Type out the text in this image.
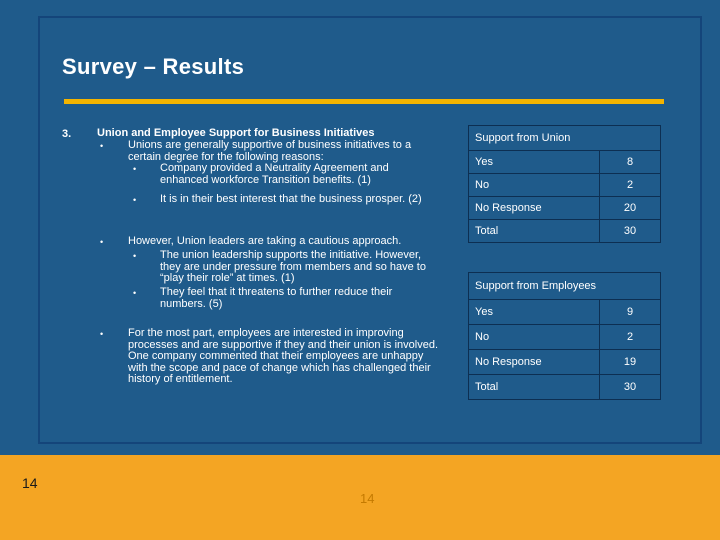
Survey – Results
3. Union and Employee Support for Business Initiatives
• Unions are generally supportive of business initiatives to a certain degree for the following reasons:
• Company provided a Neutrality Agreement and enhanced workforce Transition benefits. (1)
• It is in their best interest that the business prosper. (2)
• However, Union leaders are taking a cautious approach.
• The union leadership supports the initiative. However, they are under pressure from members and so have to “play their role” at times. (1)
• They feel that it threatens to further reduce their numbers. (5)
• For the most part, employees are interested in improving processes and are supportive if they and their union is involved. One company commented that their employees are unhappy with the scope and pace of change which has challenged their history of entitlement.
Support from Union	
Yes	8
No	2
No Response	20
Total	30
Support from Employees	
Yes	9
No	2
No Response	19
Total	30
14
14
